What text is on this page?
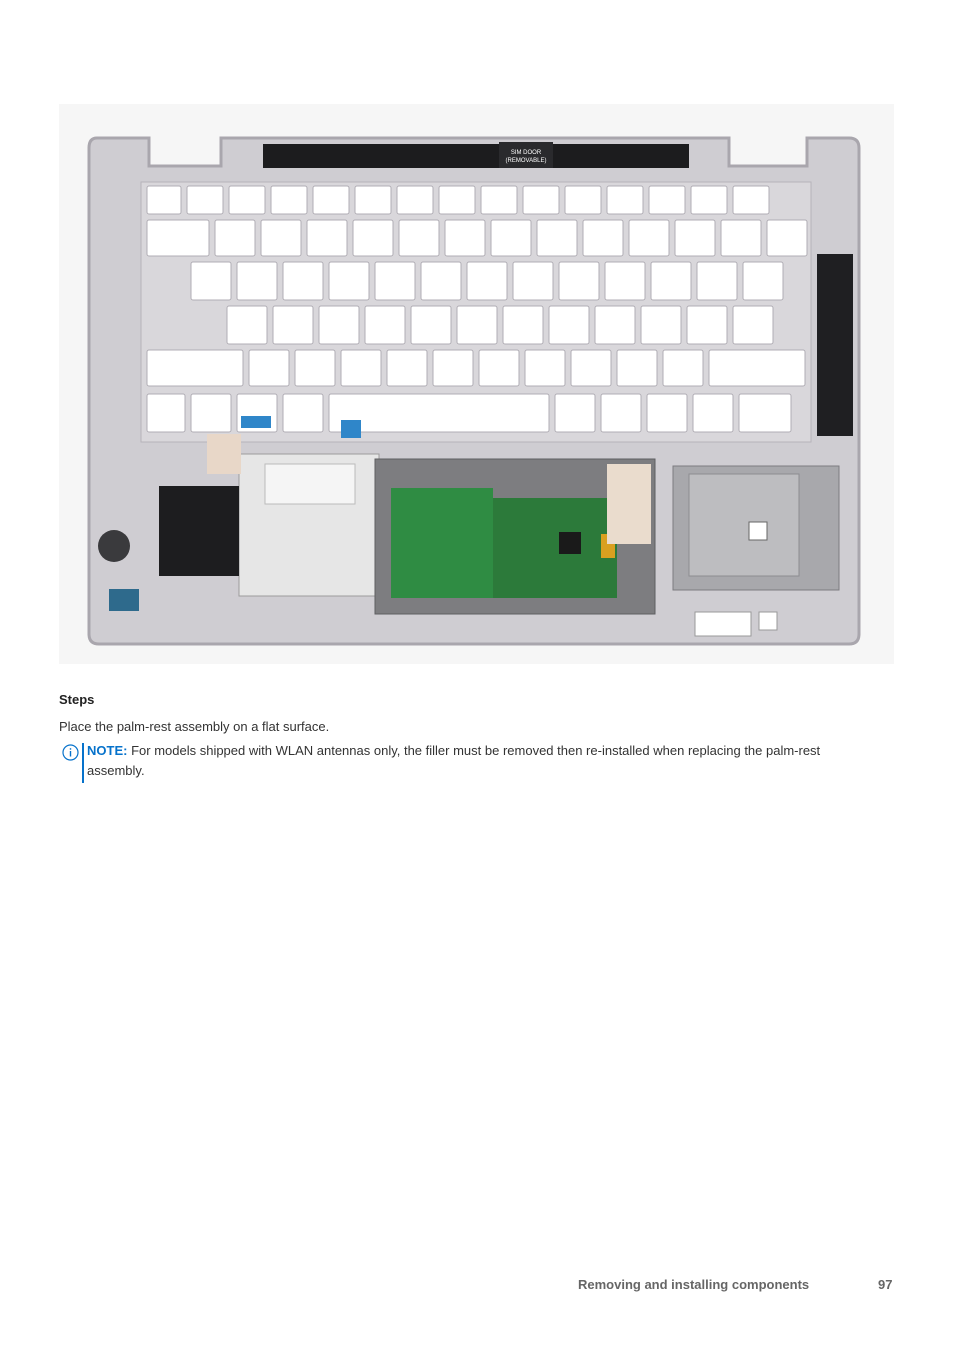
SIM DOOR
(REMOVABLE)
Steps
Place the palm-rest assembly on a flat surface.
NOTE: For models shipped with WLAN antennas only, the filler must be removed then re-installed when replacing the palm-rest assembly.
Removing and installing components	97
